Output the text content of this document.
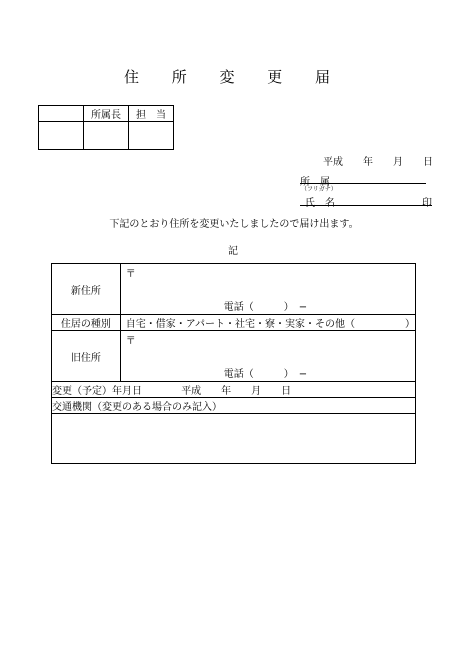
住 所 変 更 届
	所属長	担　当

平成　　年　　月　　日
所　属
（フリガナ）
氏　名	印
下記のとおり住所を変更いたしましたので届け出ます。
記
新住所	〒
電話（　　　）　−

住居の種別	自宅・借家・アパート・社宅・寮・実家・その他（　　　　　）
旧住所	〒
電話（　　　）　−

変更（予定）年月日 平成　　年　　月　　日	
交通機関（変更のある場合のみ記入）	
